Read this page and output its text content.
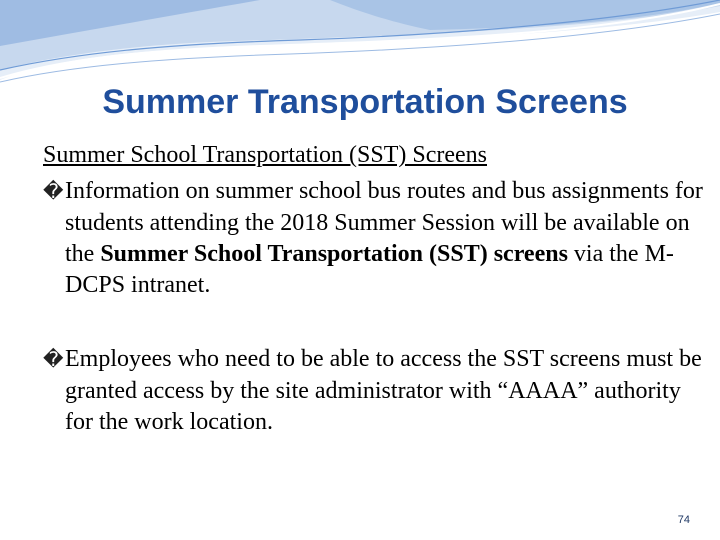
Summer Transportation Screens

Summer School Transportation (SST) Screens

�Information on summer school bus routes and bus assignments for students attending the 2018 Summer Session will be available on the Summer School Transportation (SST) screens via the M-DCPS intranet.

�Employees who need to be able to access the SST screens must be granted access by the site administrator with “AAAA” authority for the work location.

74
